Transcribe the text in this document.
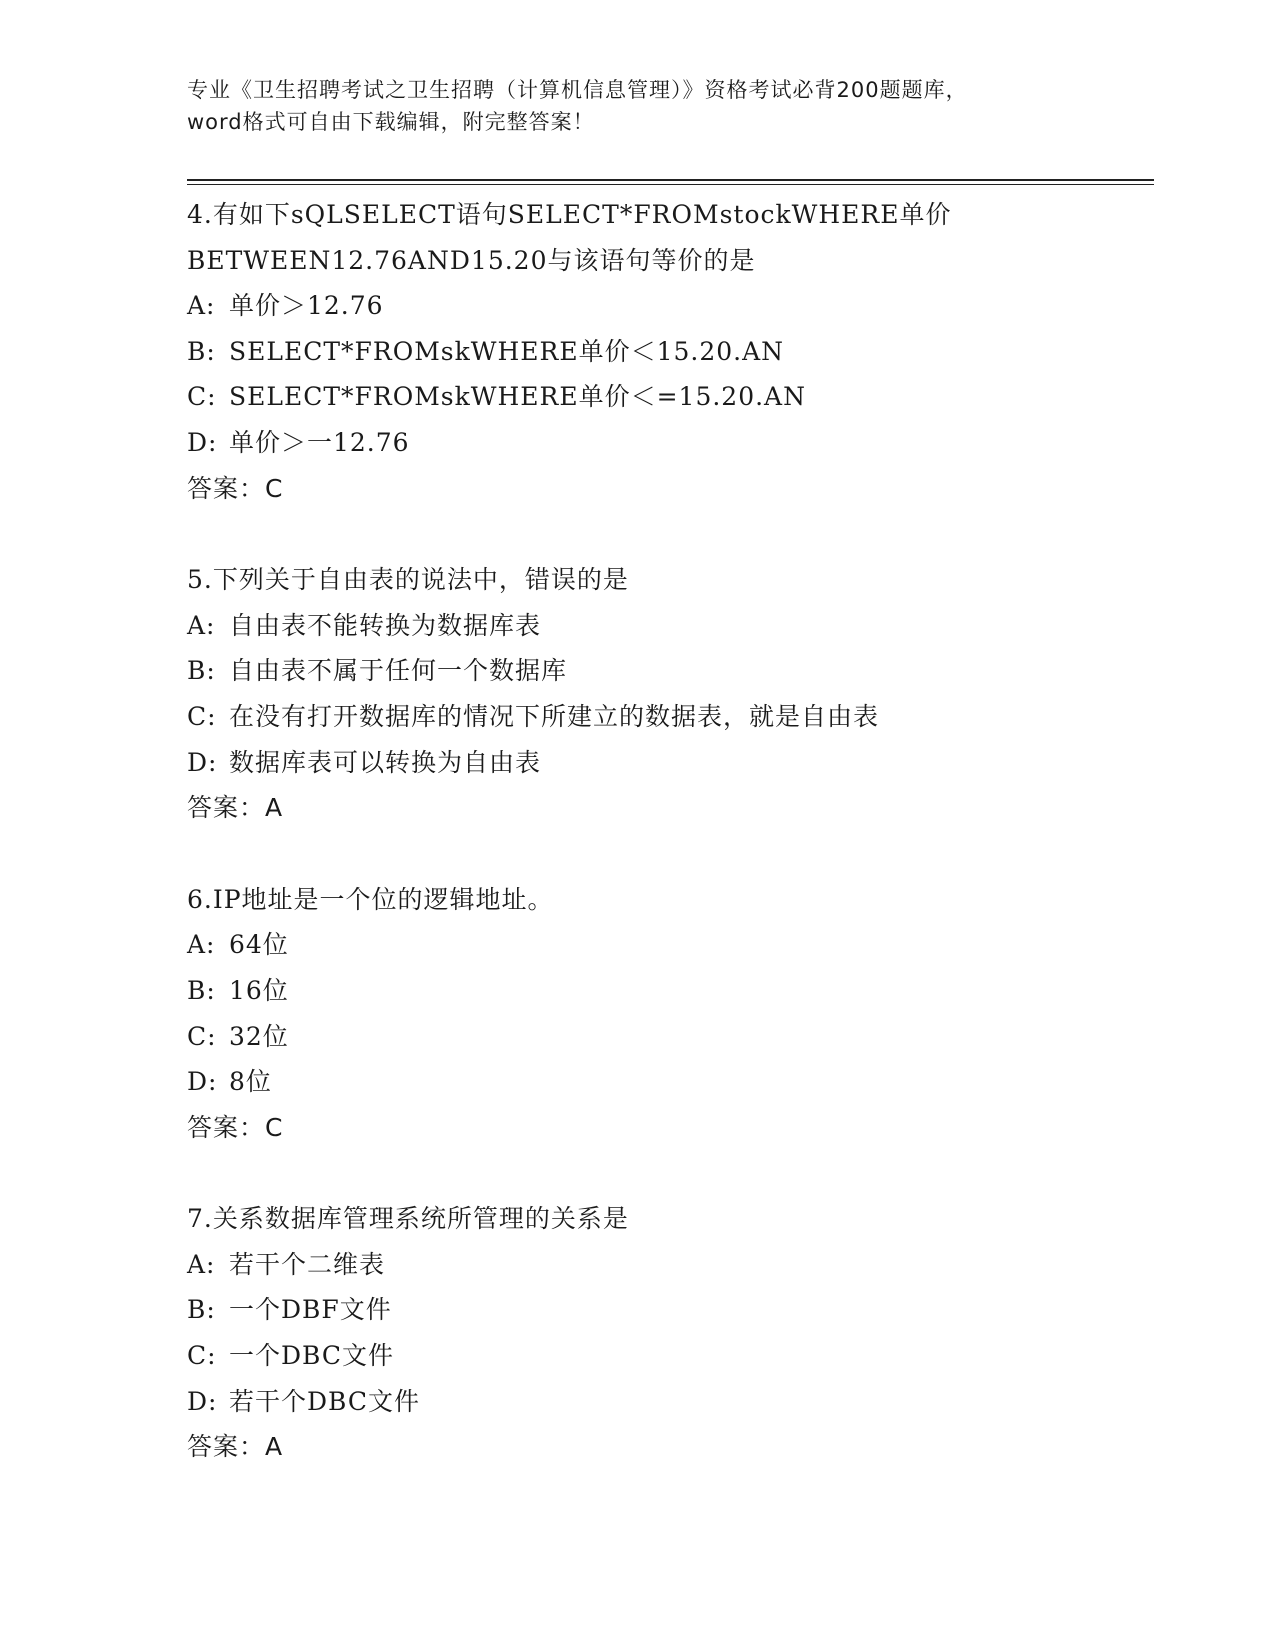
专业《卫生招聘考试之卫生招聘（计算机信息管理）》资格考试必背200题题库，
word格式可自由下载编辑，附完整答案！
4.有如下sQLSELECT语句SELECT*FROMstockWHERE单价
BETWEEN12.76AND15.20与该语句等价的是
A: 单价＞12.76
B: SELECT*FROMskWHERE单价＜15.20.AN
C: SELECT*FROMskWHERE单价＜=15.20.AN
D: 单价＞一12.76
答案：C
5.下列关于自由表的说法中，错误的是
A: 自由表不能转换为数据库表
B: 自由表不属于任何一个数据库
C: 在没有打开数据库的情况下所建立的数据表，就是自由表
D: 数据库表可以转换为自由表
答案：A
6.IP地址是一个位的逻辑地址。
A: 64位
B: 16位
C: 32位
D: 8位
答案：C
7.关系数据库管理系统所管理的关系是
A: 若干个二维表
B: 一个DBF文件
C: 一个DBC文件
D: 若干个DBC文件
答案：A
